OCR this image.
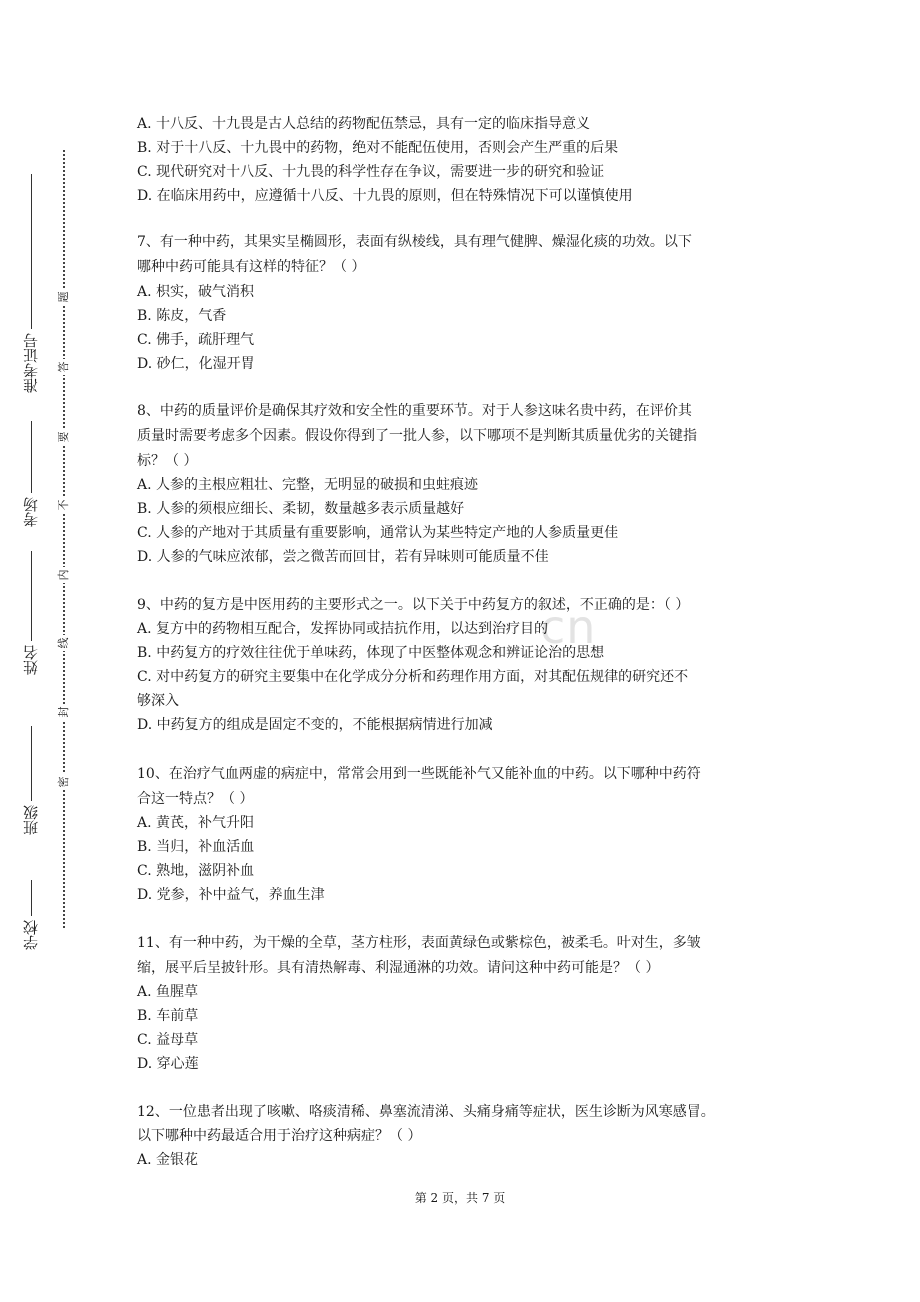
cn
学校
班级
姓名
考场
准考证号
密
封
线
内
不
要
答
题
A. 十八反、十九畏是古人总结的药物配伍禁忌，具有一定的临床指导意义
B. 对于十八反、十九畏中的药物，绝对不能配伍使用，否则会产生严重的后果
C. 现代研究对十八反、十九畏的科学性存在争议，需要进一步的研究和验证
D. 在临床用药中，应遵循十八反、十九畏的原则，但在特殊情况下可以谨慎使用
7、有一种中药，其果实呈椭圆形，表面有纵棱线，具有理气健脾、燥湿化痰的功效。以下
哪种中药可能具有这样的特征？（ ）
A. 枳实，破气消积
B. 陈皮，气香
C. 佛手，疏肝理气
D. 砂仁，化湿开胃
8、中药的质量评价是确保其疗效和安全性的重要环节。对于人参这味名贵中药，在评价其
质量时需要考虑多个因素。假设你得到了一批人参，以下哪项不是判断其质量优劣的关键指
标？（ ）
A. 人参的主根应粗壮、完整，无明显的破损和虫蛀痕迹
B. 人参的须根应细长、柔韧，数量越多表示质量越好
C. 人参的产地对于其质量有重要影响，通常认为某些特定产地的人参质量更佳
D. 人参的气味应浓郁，尝之微苦而回甘，若有异味则可能质量不佳
9、中药的复方是中医用药的主要形式之一。以下关于中药复方的叙述，不正确的是：（ ）
A. 复方中的药物相互配合，发挥协同或拮抗作用，以达到治疗目的
B. 中药复方的疗效往往优于单味药，体现了中医整体观念和辨证论治的思想
C. 对中药复方的研究主要集中在化学成分分析和药理作用方面，对其配伍规律的研究还不
够深入
D. 中药复方的组成是固定不变的，不能根据病情进行加减
10、在治疗气血两虚的病症中，常常会用到一些既能补气又能补血的中药。以下哪种中药符
合这一特点？（ ）
A. 黄芪，补气升阳
B. 当归，补血活血
C. 熟地，滋阴补血
D. 党参，补中益气，养血生津
11、有一种中药，为干燥的全草，茎方柱形，表面黄绿色或紫棕色，被柔毛。叶对生，多皱
缩，展平后呈披针形。具有清热解毒、利湿通淋的功效。请问这种中药可能是？（ ）
A. 鱼腥草
B. 车前草
C. 益母草
D. 穿心莲
12、一位患者出现了咳嗽、咯痰清稀、鼻塞流清涕、头痛身痛等症状，医生诊断为风寒感冒。
以下哪种中药最适合用于治疗这种病症？（ ）
A. 金银花
第 2 页，共 7 页
